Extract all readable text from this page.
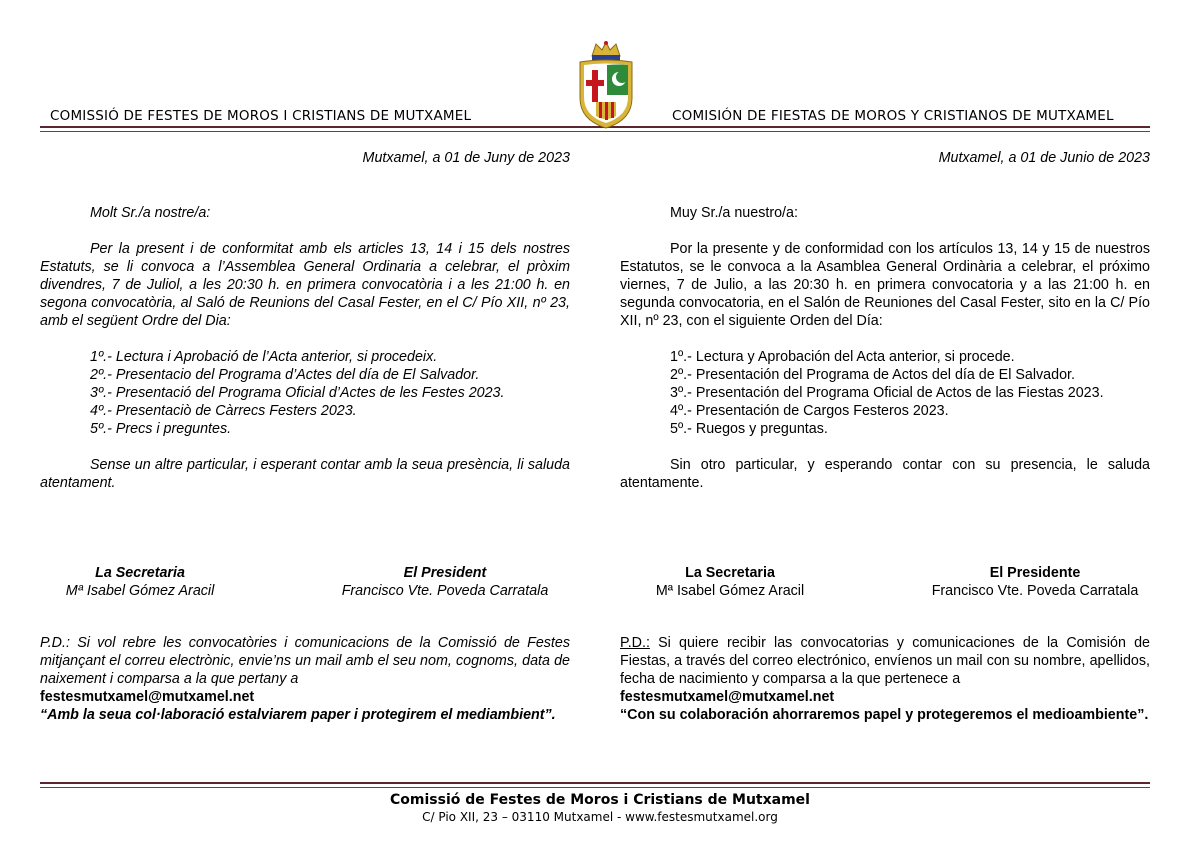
COMISSIÓ DE FESTES DE MOROS I CRISTIANS DE MUTXAMEL	COMISIÓN DE FIESTAS DE MOROS Y CRISTIANOS DE MUTXAMEL
Mutxamel, a 01 de Juny de 2023

Molt Sr./a nostre/a:

Per la present i de conformitat amb els articles 13, 14 i 15 dels nostres Estatuts, se li convoca a l’Assemblea General Ordinaria a celebrar, el pròxim divendres, 7 de Juliol, a les 20:30 h. en primera convocatòria i a les 21:00 h. en segona convocatòria, al Saló de Reunions del Casal Fester, en el C/ Pío XII, nº 23, amb el següent Ordre del Dia:

1º.- Lectura i Aprobació de l’Acta anterior, si procedeix.
2º.- Presentacio del Programa d’Actes del día de El Salvador.
3º.- Presentació del Programa Oficial d’Actes de les Festes 2023.
4º.- Presentaciò de Càrrecs Festers 2023.
5º.- Precs i preguntes.

Sense un altre particular, i esperant contar amb la seua presència, li saluda atentament.

La Secretaria
Mª Isabel Gómez Aracil
El President
Francisco Vte. Poveda Carratala

P.D.: Si vol rebre les convocatòries i comunicacions de la Comissió de Festes mitjançant el correu electrònic, envie’ns un mail amb el seu nom, cognoms, data de naixement i comparsa a la que pertany a

festesmutxamel@mutxamel.net

“Amb la seua col·laboració estalviarem paper i protegirem el mediambient”.

Mutxamel, a 01 de Junio de 2023

Muy Sr./a nuestro/a:

Por la presente y de conformidad con los artículos 13, 14 y 15 de nuestros Estatutos, se le convoca a la Asamblea General Ordinària a celebrar, el próximo viernes, 7 de Julio, a las 20:30 h. en primera convocatoria y a las 21:00 h. en segunda convocatoria, en el Salón de Reuniones del Casal Fester, sito en la C/ Pío XII, nº 23, con el siguiente Orden del Día:

1º.- Lectura y Aprobación del Acta anterior, si procede.
2º.- Presentación del Programa de Actos del día de El Salvador.
3º.- Presentación del Programa Oficial de Actos de las Fiestas 2023.
4º.- Presentación de Cargos Festeros 2023.
5º.- Ruegos y preguntas.

Sin otro particular, y esperando contar con su presencia, le saluda atentamente.

La Secretaria
Mª Isabel Gómez Aracil
El Presidente
Francisco Vte. Poveda Carratala

P.D.: Si quiere recibir las convocatorias y comunicaciones de la Comisión de Fiestas, a través del correo electrónico, envíenos un mail con su nombre, apellidos, fecha de nacimiento y comparsa a la que pertenece a

festesmutxamel@mutxamel.net

“Con su colaboración ahorraremos papel y protegeremos el medioambiente”.

Comissió de Festes de Moros i Cristians de Mutxamel
C/ Pio XII, 23 – 03110 Mutxamel - www.festesmutxamel.org
